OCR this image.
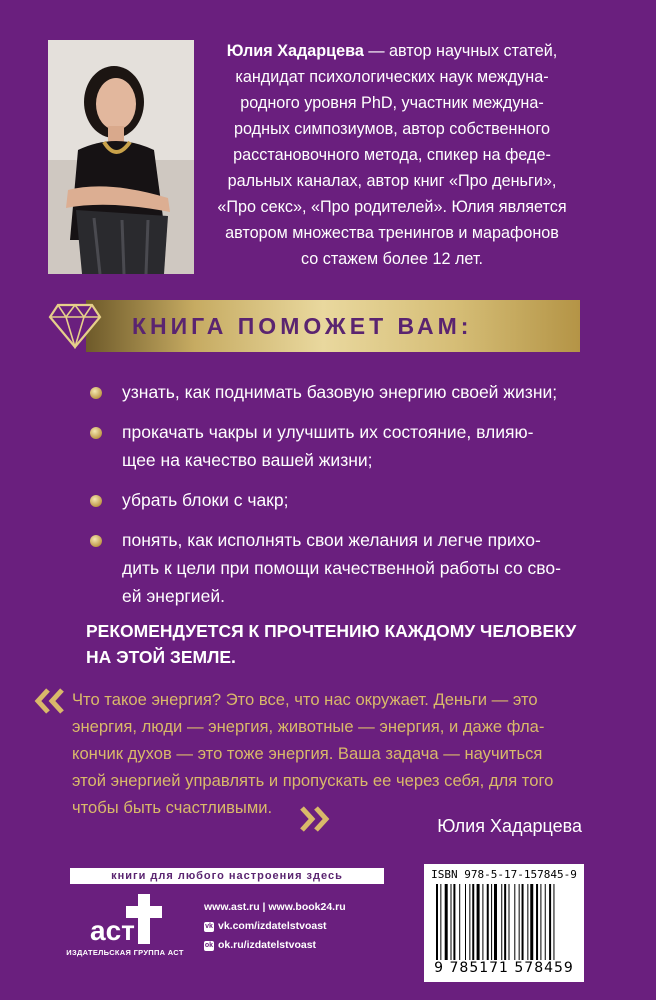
Юлия Хадарцева — автор научных статей,
кандидат психологических наук междуна-
родного уровня PhD, участник междуна-
родных симпозиумов, автор собственного
расстановочного метода, спикер на феде-
ральных каналах, автор книг «Про деньги»,
«Про секс», «Про родителей». Юлия является
автором множества тренингов и марафонов
со стажем более 12 лет.

КНИГА ПОМОЖЕТ ВАМ:
узнать, как поднимать базовую энергию своей жизни;
прокачать чакры и улучшить их состояние, влияю-
щее на качество вашей жизни;
убрать блоки с чакр;
понять, как исполнять свои желания и легче прихо-
дить к цели при помощи качественной работы со сво-
ей энергией.
РЕКОМЕНДУЕТСЯ К ПРОЧТЕНИЮ КАЖДОМУ ЧЕЛОВЕКУ
НА ЭТОЙ ЗЕМЛЕ.
Что такое энергия? Это все, что нас окружает. Деньги — это
энергия, люди — энергия, животные — энергия, и даже фла-
кончик духов — это тоже энергия. Ваша задача — научиться
этой энергией управлять и пропускать ее через себя, для того
чтобы быть счастливыми.
Юлия Хадарцева
книги для любого настроения здесь
аст
ИЗДАТЕЛЬСКАЯ ГРУППА АСТ
www.ast.ru | www.book24.ru
vk vk.com/izdatelstvoast
ok ok.ru/izdatelstvoast
ISBN 978-5-17-157845-9
9 785171 578459
